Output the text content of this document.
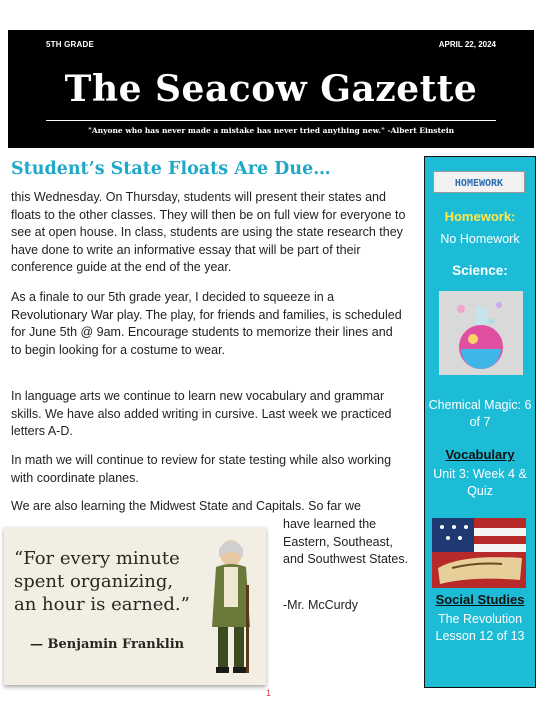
5TH GRADE	APRIL 22, 2024
The Seacow Gazette
"Anyone who has never made a mistake has never tried anything new." -Albert Einstein
Student’s State Floats Are Due…

this Wednesday. On Thursday, students will present their states and floats to the other classes. They will then be on full view for everyone to see at open house. In class, students are using the state research they have done to write an informative essay that will be part of their conference guide at the end of the year.

As a finale to our 5th grade year, I decided to squeeze in a Revolutionary War play. The play, for friends and families, is scheduled for June 5th @ 9am. Encourage students to memorize their lines and to begin looking for a costume to wear.

In language arts we continue to learn new vocabulary and grammar skills. We have also added writing in cursive. Last week we practiced letters A-D.

In math we will continue to review for state testing while also working with coordinate planes.

We are also learning the Midwest State and Capitals. So far we

have learned the Eastern, Southeast, and Southwest States.

-Mr. McCurdy
“For every minute
spent organizing,
an hour is earned.”
— Benjamin Franklin
1
HOMEWORK
Homework:
No Homework
Science:
Chemical Magic: 6 of 7
Vocabulary
Unit 3: Week 4 & Quiz
Social Studies
The Revolution Lesson 12 of 13
